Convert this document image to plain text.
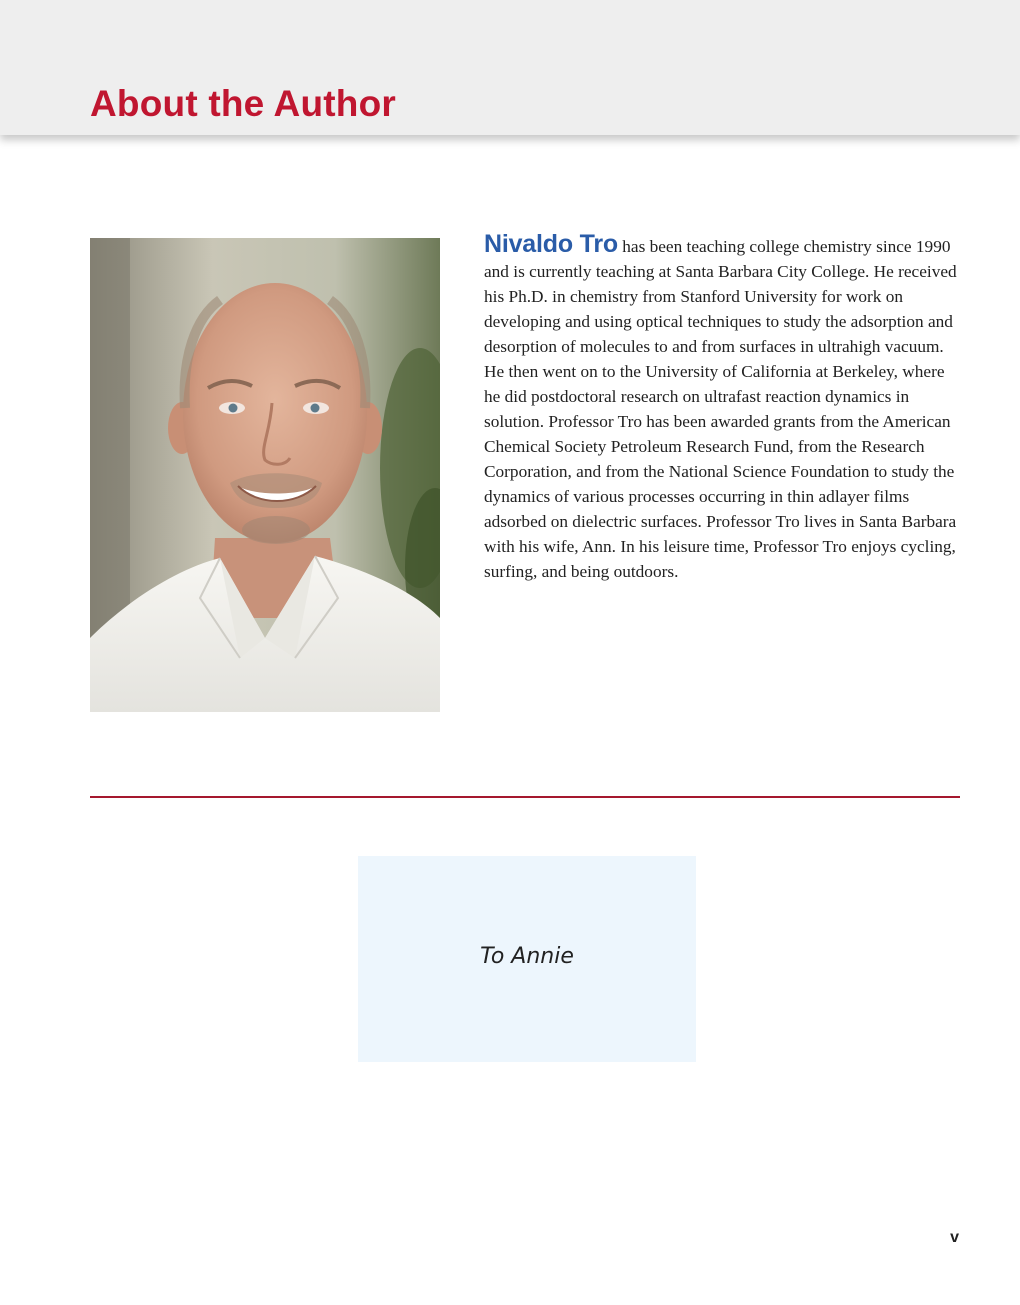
About the Author

Nivaldo Tro has been teaching college chemistry since 1990 and is currently teaching at Santa Barbara City College. He received his Ph.D. in chemistry from Stanford University for work on developing and using optical techniques to study the adsorption and desorption of molecules to and from surfaces in ultrahigh vacuum. He then went on to the University of California at Berkeley, where he did postdoctoral research on ultrafast reaction dynamics in solution. Professor Tro has been awarded grants from the American Chemical Society Petroleum Research Fund, from the Research Corporation, and from the National Science Foundation to study the dynamics of various processes occurring in thin adlayer films adsorbed on dielectric surfaces. Professor Tro lives in Santa Barbara with his wife, Ann. In his leisure time, Professor Tro enjoys cycling, surfing, and being outdoors.

To Annie
v
